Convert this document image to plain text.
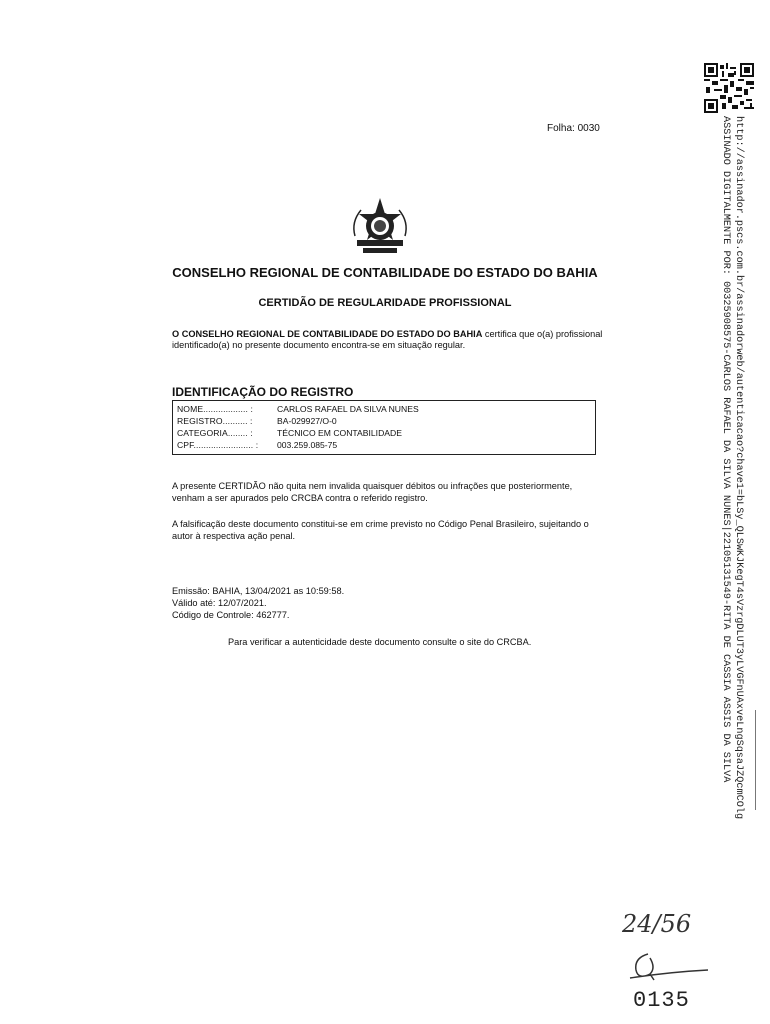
Folha: 0030
CONSELHO REGIONAL DE CONTABILIDADE DO ESTADO DO BAHIA
CERTIDÃO DE REGULARIDADE PROFISSIONAL
O CONSELHO REGIONAL DE CONTABILIDADE DO ESTADO DO BAHIA certifica que o(a) profissional identificado(a) no presente documento encontra-se em situação regular.
IDENTIFICAÇÃO DO REGISTRO
NOME.................. :	CARLOS RAFAEL DA SILVA NUNES
REGISTRO.......... :	BA-029927/O-0
CATEGORIA........ :	TÉCNICO EM CONTABILIDADE
CPF........................ :	003.259.085-75
A presente CERTIDÃO não quita nem invalida quaisquer débitos ou infrações que posteriormente, venham a ser apurados pelo CRCBA contra o referido registro.
A falsificação deste documento constitui-se em crime previsto no Código Penal Brasileiro, sujeitando o autor à respectiva ação penal.
Emissão: BAHIA, 13/04/2021 as 10:59:58.
Válido até: 12/07/2021.
Código de Controle: 462777.
Para verificar a autenticidade deste documento consulte o site do CRCBA.	http://assinador.pscs.com.br/assinadorweb/autenticacao?chave1=bLSy_QLSwKJKegT4sVzrgDLUT3yLVGFnUAxveLngSqsaJZQcmCOlg
ASSINADO DIGITALMENTE POR: 00325908575-CARLOS RAFAEL DA SILVA NUNES|22105131549-RITA DE CASSIA ASSIS DA SILVA
24/56
0135
